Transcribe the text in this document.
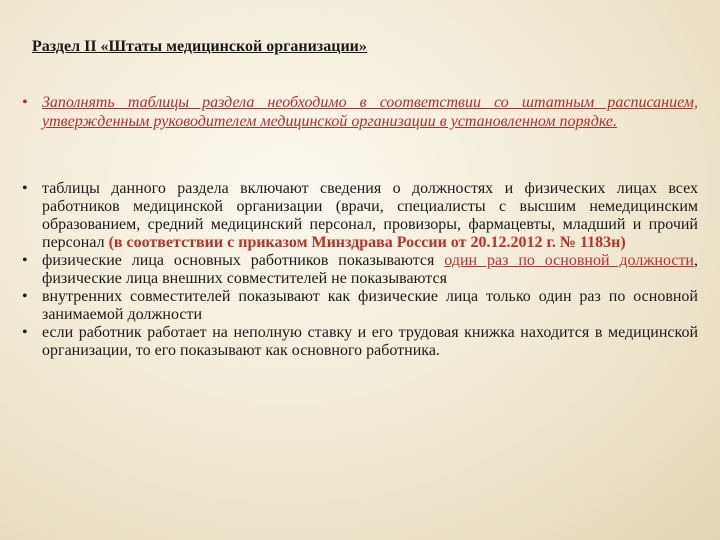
Раздел II «Штаты медицинской организации»
• Заполнять таблицы раздела необходимо в соответствии со штатным расписанием, утвержденным руководителем медицинской организации в установленном порядке.
• таблицы данного раздела включают сведения о должностях и физических лицах всех работников медицинской организации (врачи, специалисты с высшим немедицинским образованием, средний медицинский персонал, провизоры, фармацевты, младший и прочий персонал (в соответствии с приказом Минздрава России от 20.12.2012 г. № 1183н)
• физические лица основных работников показываются один раз по основной должности, физические лица внешних совместителей не показываются
• внутренних совместителей показывают как физические лица только один раз по основной занимаемой должности
• если работник работает на неполную ставку и его трудовая книжка находится в медицинской организации, то его показывают как основного работника.
